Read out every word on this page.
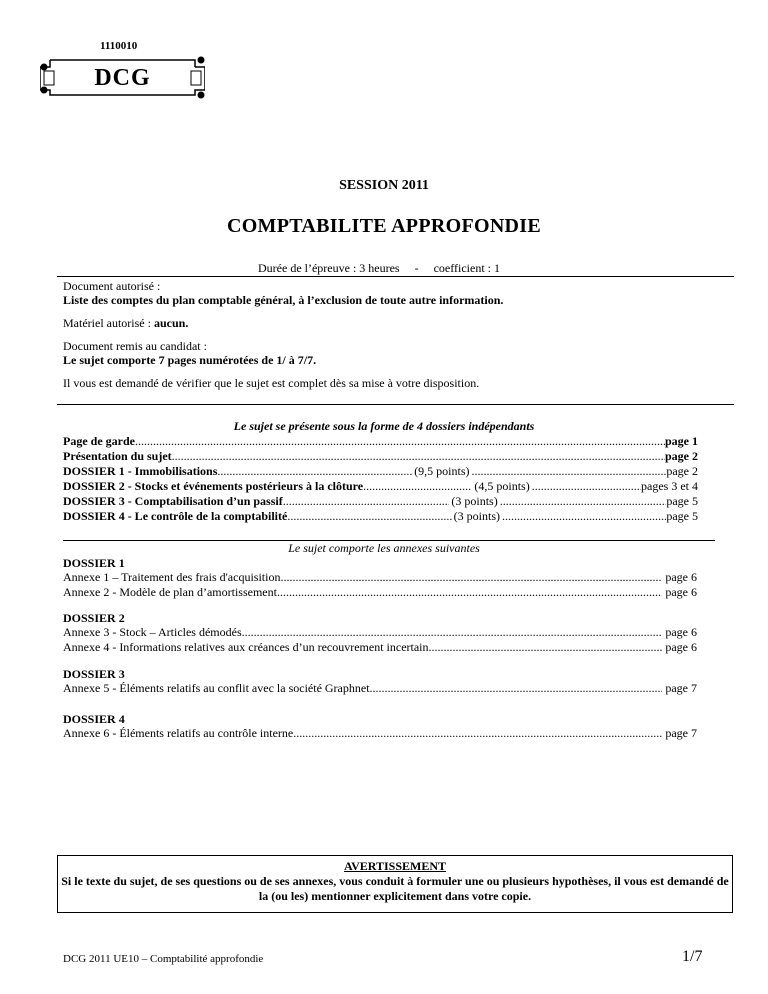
1110010
DCG
SESSION 2011
COMPTABILITE APPROFONDIE
Durée de l’épreuve : 3 heures     -     coefficient : 1
Document autorisé :
Liste des comptes du plan comptable général, à l’exclusion de toute autre information.
Matériel autorisé : aucun.
Document remis au candidat :
Le sujet comporte 7 pages numérotées de 1/ à 7/7.
Il vous est demandé de vérifier que le sujet est complet dès sa mise à votre disposition.
Le sujet se présente sous la forme de 4 dossiers indépendants
Page de garde .....	page 1
Présentation du sujet .....	page 2
DOSSIER 1 - Immobilisations .....	(9,5 points) .....	page 2
DOSSIER 2 - Stocks et événements postérieurs à la clôture .....	(4,5 points) .....	pages 3 et 4
DOSSIER 3 - Comptabilisation d’un passif .....	(3 points) .....	page 5
DOSSIER 4 - Le contrôle de la comptabilité .....	(3 points) .....	page 5
Le sujet comporte les annexes suivantes
DOSSIER 1
Annexe 1 – Traitement des frais d'acquisition .....	page 6
Annexe 2 - Modèle de plan d’amortissement .....	page 6
DOSSIER 2
Annexe 3 - Stock – Articles démodés .....	page 6
Annexe 4 - Informations relatives aux créances d’un recouvrement incertain .....	page 6
DOSSIER 3
Annexe 5 - Éléments relatifs au conflit avec la société Graphnet .....	page 7
DOSSIER 4
Annexe 6 - Éléments relatifs au contrôle interne .....	page 7
AVERTISSEMENT
Si le texte du sujet, de ses questions ou de ses annexes, vous conduit à formuler une ou plusieurs hypothèses, il vous est demandé de la (ou les) mentionner explicitement dans votre copie.
DCG 2011 UE10 – Comptabilité approfondie	1/7
